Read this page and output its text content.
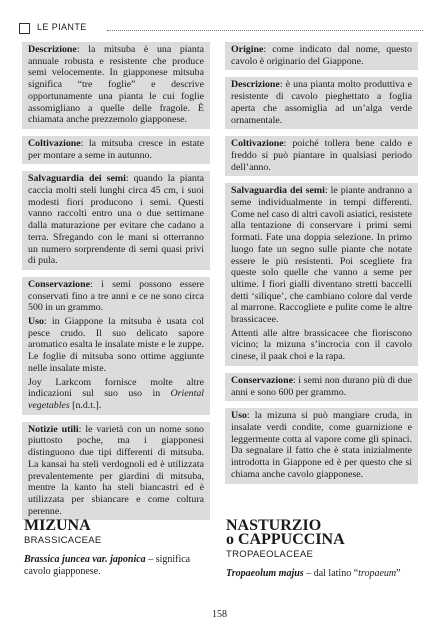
LE PIANTE

Descrizione: la mitsuba è una pianta annuale robusta e resistente che produce semi velocemente. In giapponese mitsuba significa “tre foglie” e descrive opportunamente una pianta le cui foglie assomigliano a quelle delle fragole. È chiamata anche prezzemolo giapponese.

Coltivazione: la mitsuba cresce in estate per montare a seme in autunno.

Salvaguardia dei semi: quando la pianta caccia molti steli lunghi circa 45 cm, i suoi modesti fiori producono i semi. Questi vanno raccolti entro una o due settimane dalla maturazione per evitare che cadano a terra. Sfregando con le mani si otterranno un numero sorprendente di semi quasi privi di pula.

Conservazione: i semi possono essere conservati fino a tre anni e ce ne sono circa 500 in un grammo.

Uso: in Giappone la mitsuba è usata col pesce crudo. Il suo delicato sapore aromatico esalta le insalate miste e le zuppe. Le foglie di mitsuba sono ottime aggiunte nelle insalate miste.

Joy Larkcom fornisce molte altre indicazioni sul suo uso in Oriental vegetables [n.d.t.].

Notizie utili: le varietà con un nome sono piuttosto poche, ma i giapponesi distinguono due tipi differenti di mitsuba. La kansai ha steli verdognoli ed è utilizzata prevalentemente per giardini di mitsuba, mentre la kanto ha steli biancastri ed è utilizzata per sbiancare e come coltura perenne.

Origine: come indicato dal nome, questo cavolo è originario del Giappone.

Descrizione: è una pianta molto produttiva e resistente di cavolo pieghettato a foglia aperta che assomiglia ad un’alga verde ornamentale.

Coltivazione: poiché tollera bene caldo e freddo si può piantare in qualsiasi periodo dell’anno.

Salvaguardia dei semi: le piante andranno a seme individualmente in tempi differenti. Come nel caso di altri cavoli asiatici, resistete alla tentazione di conservare i primi semi formati. Fate una doppia selezione. In primo luogo fate un segno sulle piante che notate essere le più resistenti. Poi scegliete fra queste solo quelle che vanno a seme per ultime. I fiori gialli diventano stretti baccelli detti ‘silique’, che cambiano colore dal verde al marrone. Raccogliete e pulite come le altre brassicacee.

Attenti alle altre brassicacee che fioriscono vicino; la mizuna s’incrocia con il cavolo cinese, il paak choi e la rapa.

Conservazione: i semi non durano più di due anni e sono 600 per grammo.

Uso: la mizuna si può mangiare cruda, in insalate verdi condite, come guarnizione e leggermente cotta al vapore come gli spinaci. Da segnalare il fatto che è stata inizialmente introdotta in Giappone ed è per questo che si chiama anche cavolo giapponese.

MIZUNA
BRASSICACEAE

Brassica juncea var. japonica – significa cavolo giapponese.

NASTURZIO
o CAPPUCCINA
TROPAEOLACEAE

Tropaeolum majus – dal latino “tropaeum”

158
